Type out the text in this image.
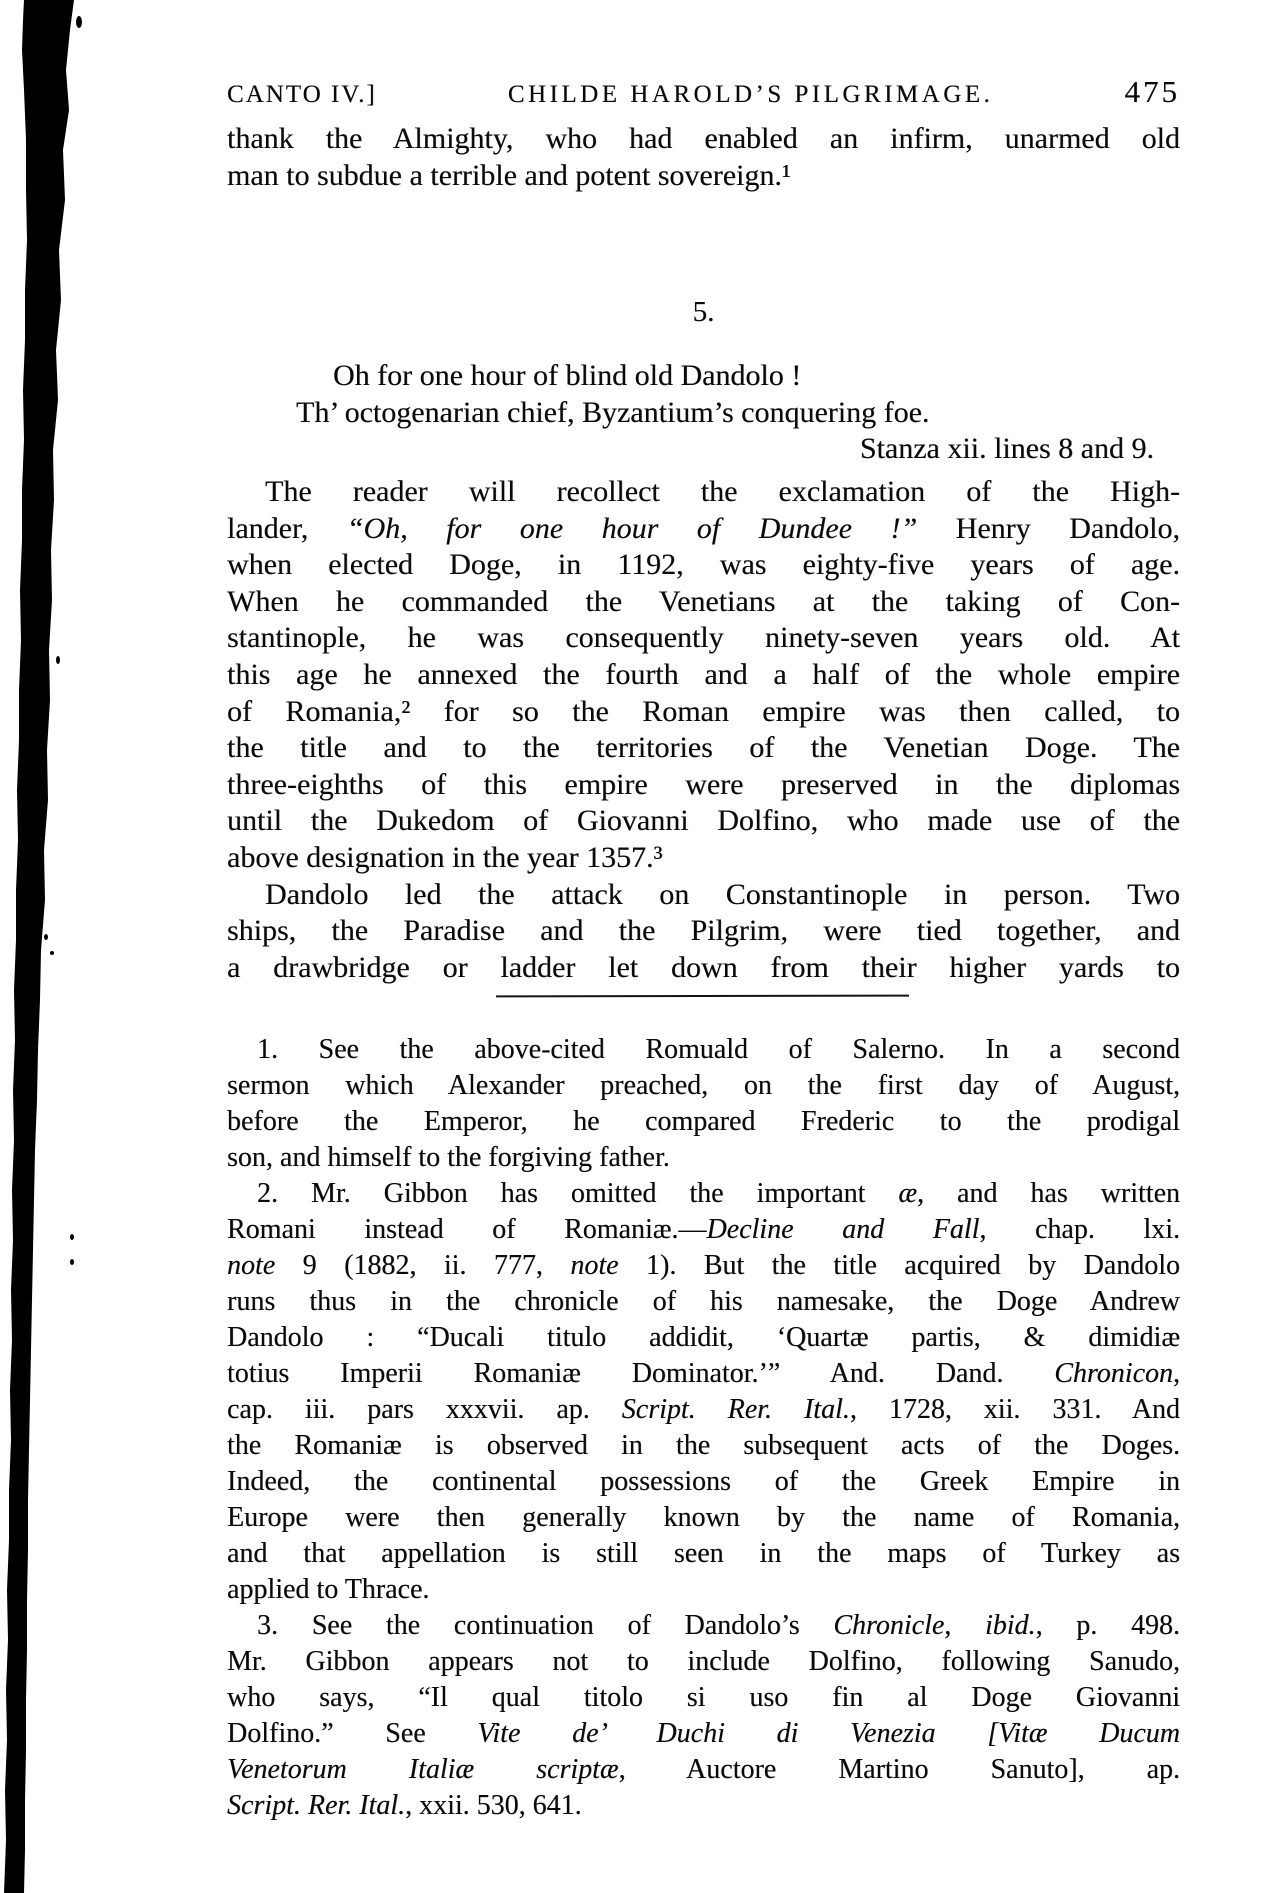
CANTO IV.]	CHILDE HAROLD’S PILGRIMAGE.	475
thank the Almighty, who had enabled an infirm, unarmed old
man to subdue a terrible and potent sovereign.¹
5.
Oh for one hour of blind old Dandolo !
Th’ octogenarian chief, Byzantium’s conquering foe.
Stanza xii. lines 8 and 9.
The reader will recollect the exclamation of the High-
lander, “Oh, for one hour of Dundee !” Henry Dandolo,
when elected Doge, in 1192, was eighty-five years of age.
When he commanded the Venetians at the taking of Con-
stantinople, he was consequently ninety-seven years old. At
this age he annexed the fourth and a half of the whole empire
of Romania,² for so the Roman empire was then called, to
the title and to the territories of the Venetian Doge. The
three-eighths of this empire were preserved in the diplomas
until the Dukedom of Giovanni Dolfino, who made use of the
above designation in the year 1357.³
Dandolo led the attack on Constantinople in person. Two
ships, the Paradise and the Pilgrim, were tied together, and
a drawbridge or ladder let down from their higher yards to
1. See the above-cited Romuald of Salerno. In a second
sermon which Alexander preached, on the first day of August,
before the Emperor, he compared Frederic to the prodigal
son, and himself to the forgiving father.
2. Mr. Gibbon has omitted the important æ, and has written
Romani instead of Romaniæ.—Decline and Fall, chap. lxi.
note 9 (1882, ii. 777, note 1). But the title acquired by Dandolo
runs thus in the chronicle of his namesake, the Doge Andrew
Dandolo : “Ducali titulo addidit, ‘Quartæ partis, & dimidiæ
totius Imperii Romaniæ Dominator.’” And. Dand. Chronicon,
cap. iii. pars xxxvii. ap. Script. Rer. Ital., 1728, xii. 331. And
the Romaniæ is observed in the subsequent acts of the Doges.
Indeed, the continental possessions of the Greek Empire in
Europe were then generally known by the name of Romania,
and that appellation is still seen in the maps of Turkey as
applied to Thrace.
3. See the continuation of Dandolo’s Chronicle, ibid., p. 498.
Mr. Gibbon appears not to include Dolfino, following Sanudo,
who says, “Il qual titolo si uso fin al Doge Giovanni
Dolfino.” See Vite de’ Duchi di Venezia [Vitæ Ducum
Venetorum Italiæ scriptæ, Auctore Martino Sanuto], ap.
Script. Rer. Ital., xxii. 530, 641.
